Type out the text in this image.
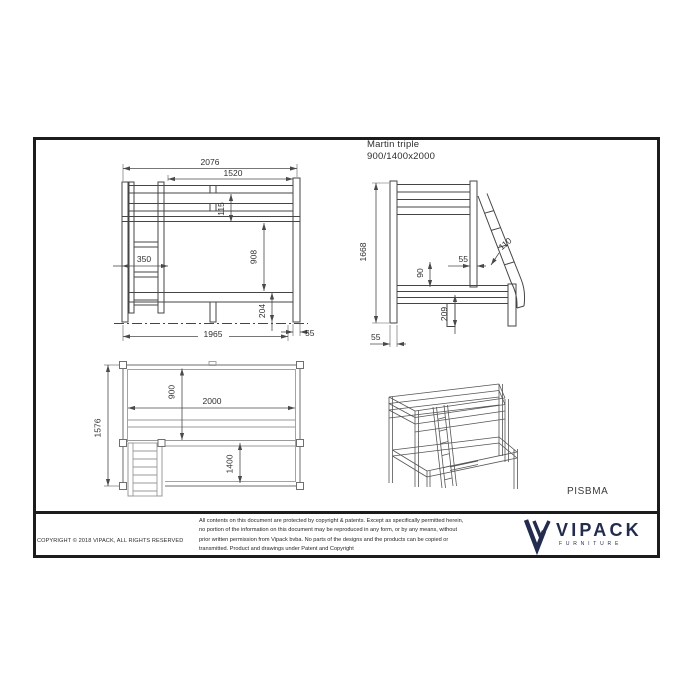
Martin triple
900/1400x2000
2076
1520
350
115
908
204
1965	55
1668	55
90
110
209
55
1576
900
2000
1400
PISBMA
COPYRIGHT © 2018 VIPACK, ALL RIGHTS RESERVED
All contents on this document are protected by copyright & patents. Except as specifically permitted herein,
no portion of the information on this document may be reproduced in any form, or by any means, without
prior written permission from Vipack bvba. No parts of the designs and the products can be copied or
transmitted. Product and drawings under Patent and Copyright
VIPACK
FURNITURE
